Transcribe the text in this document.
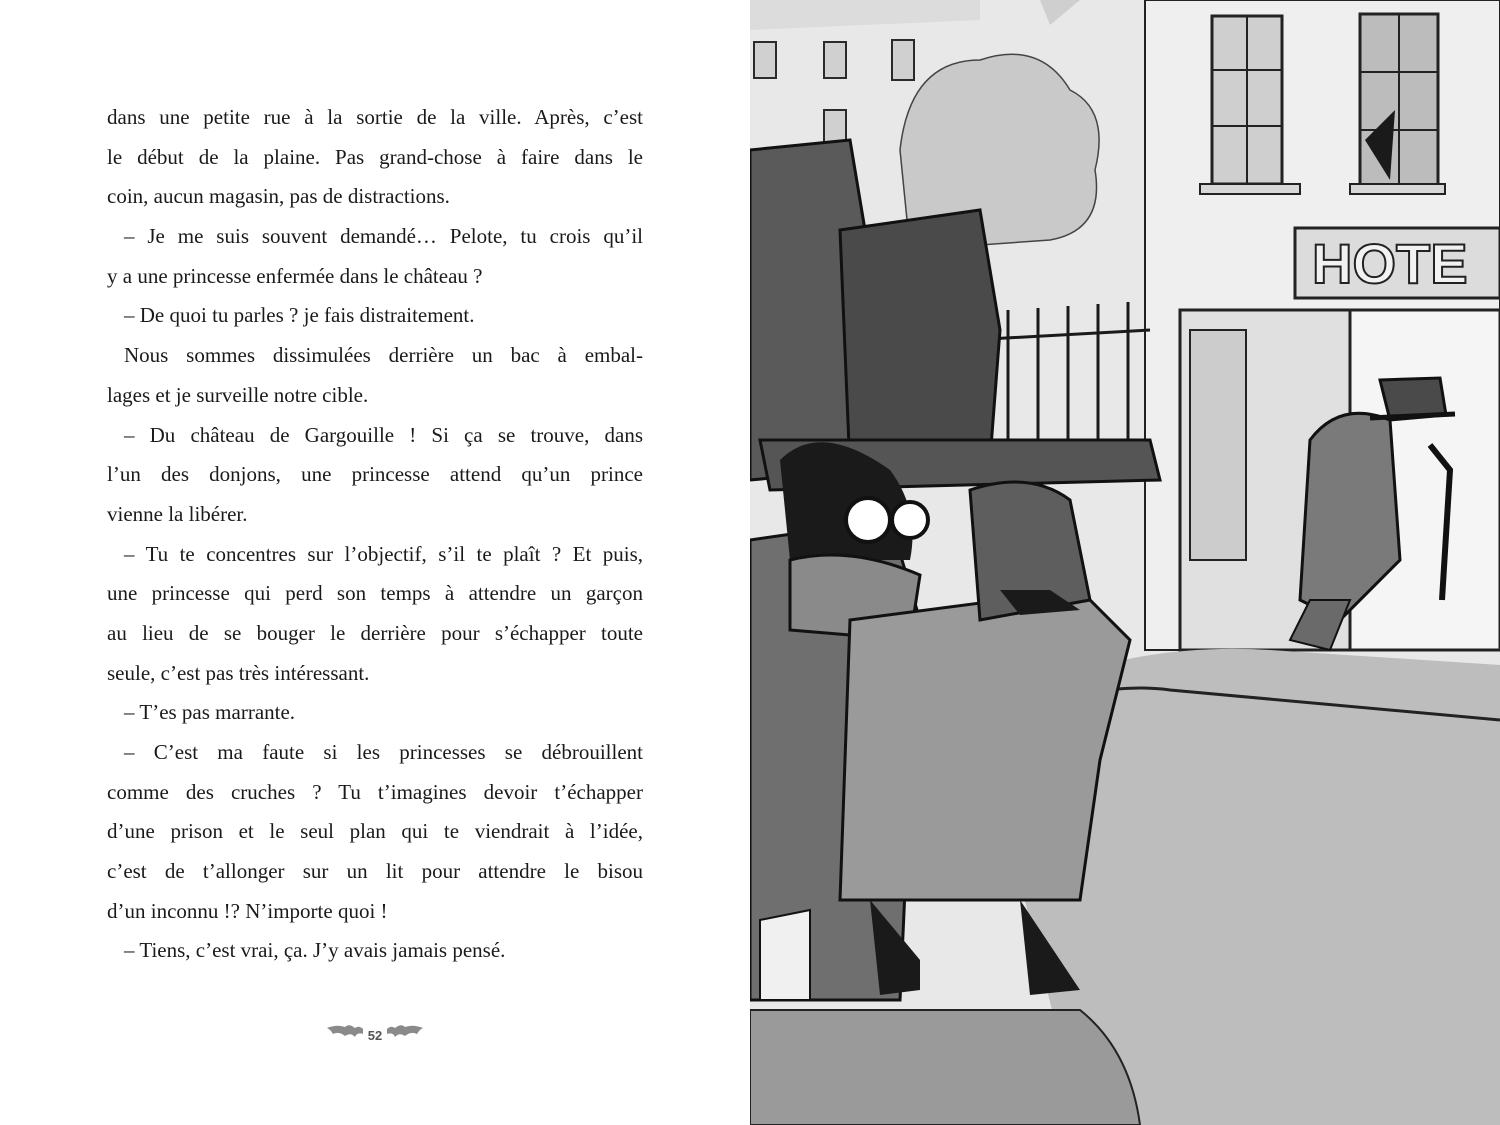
dans une petite rue à la sortie de la ville. Après, c’est
le début de la plaine. Pas grand-chose à faire dans le
coin, aucun magasin, pas de distractions.
– Je me suis souvent demandé… Pelote, tu crois qu’il
y a une princesse enfermée dans le château ?
– De quoi tu parles ? je fais distraitement.
Nous sommes dissimulées derrière un bac à embal-
lages et je surveille notre cible.
– Du château de Gargouille ! Si ça se trouve, dans
l’un des donjons, une princesse attend qu’un prince
vienne la libérer.
– Tu te concentres sur l’objectif, s’il te plaît ? Et puis,
une princesse qui perd son temps à attendre un garçon
au lieu de se bouger le derrière pour s’échapper toute
seule, c’est pas très intéressant.
– T’es pas marrante.
– C’est ma faute si les princesses se débrouillent
comme des cruches ? Tu t’imagines devoir t’échapper
d’une prison et le seul plan qui te viendrait à l’idée,
c’est de t’allonger sur un lit pour attendre le bisou
d’un inconnu !? N’importe quoi !
– Tiens, c’est vrai, ça. J’y avais jamais pensé.
52
HOTE
